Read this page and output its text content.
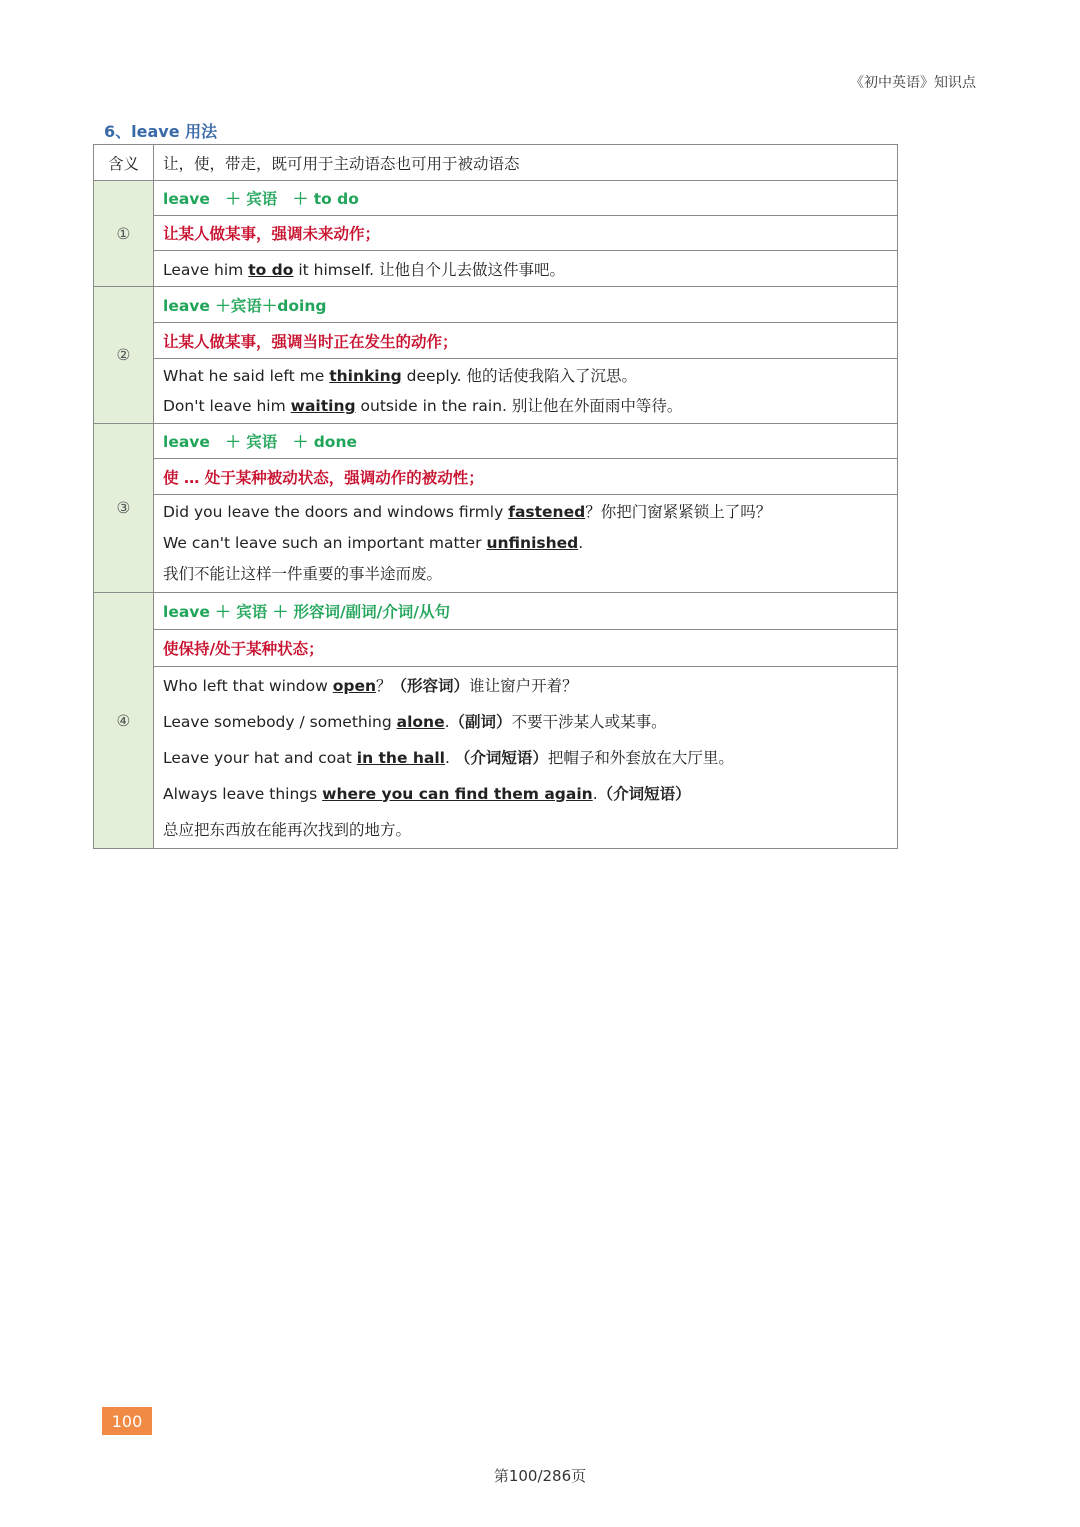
《初中英语》知识点
6、leave 用法
含义	让，使，带走，既可用于主动语态也可用于被动语态
①	leave　＋ 宾语　＋ to do
	让某人做某事，强调未来动作；

	Leave him to do it himself. 让他自个儿去做这件事吧。

②	leave ＋宾语＋doing
	让某人做某事，强调当时正在发生的动作；

	What he said left me thinking deeply. 他的话使我陷入了沉思。
Don't leave him waiting outside in the rain. 别让他在外面雨中等待。

③	leave　＋ 宾语　＋ done
	使 … 处于某种被动状态，强调动作的被动性；

	Did you leave the doors and windows firmly fastened？你把门窗紧紧锁上了吗？
We can't leave such an important matter unfinished.
我们不能让这样一件重要的事半途而废。

④	leave ＋ 宾语 ＋ 形容词/副词/介词/从句
	使保持/处于某种状态；

	Who left that window open？（形容词）谁让窗户开着？
Leave somebody / something alone.（副词）不要干涉某人或某事。
Leave your hat and coat in the hall. （介词短语）把帽子和外套放在大厅里。
Always leave things where you can find them again.（介词短语）
总应把东西放在能再次找到的地方。
100
第100/286页
